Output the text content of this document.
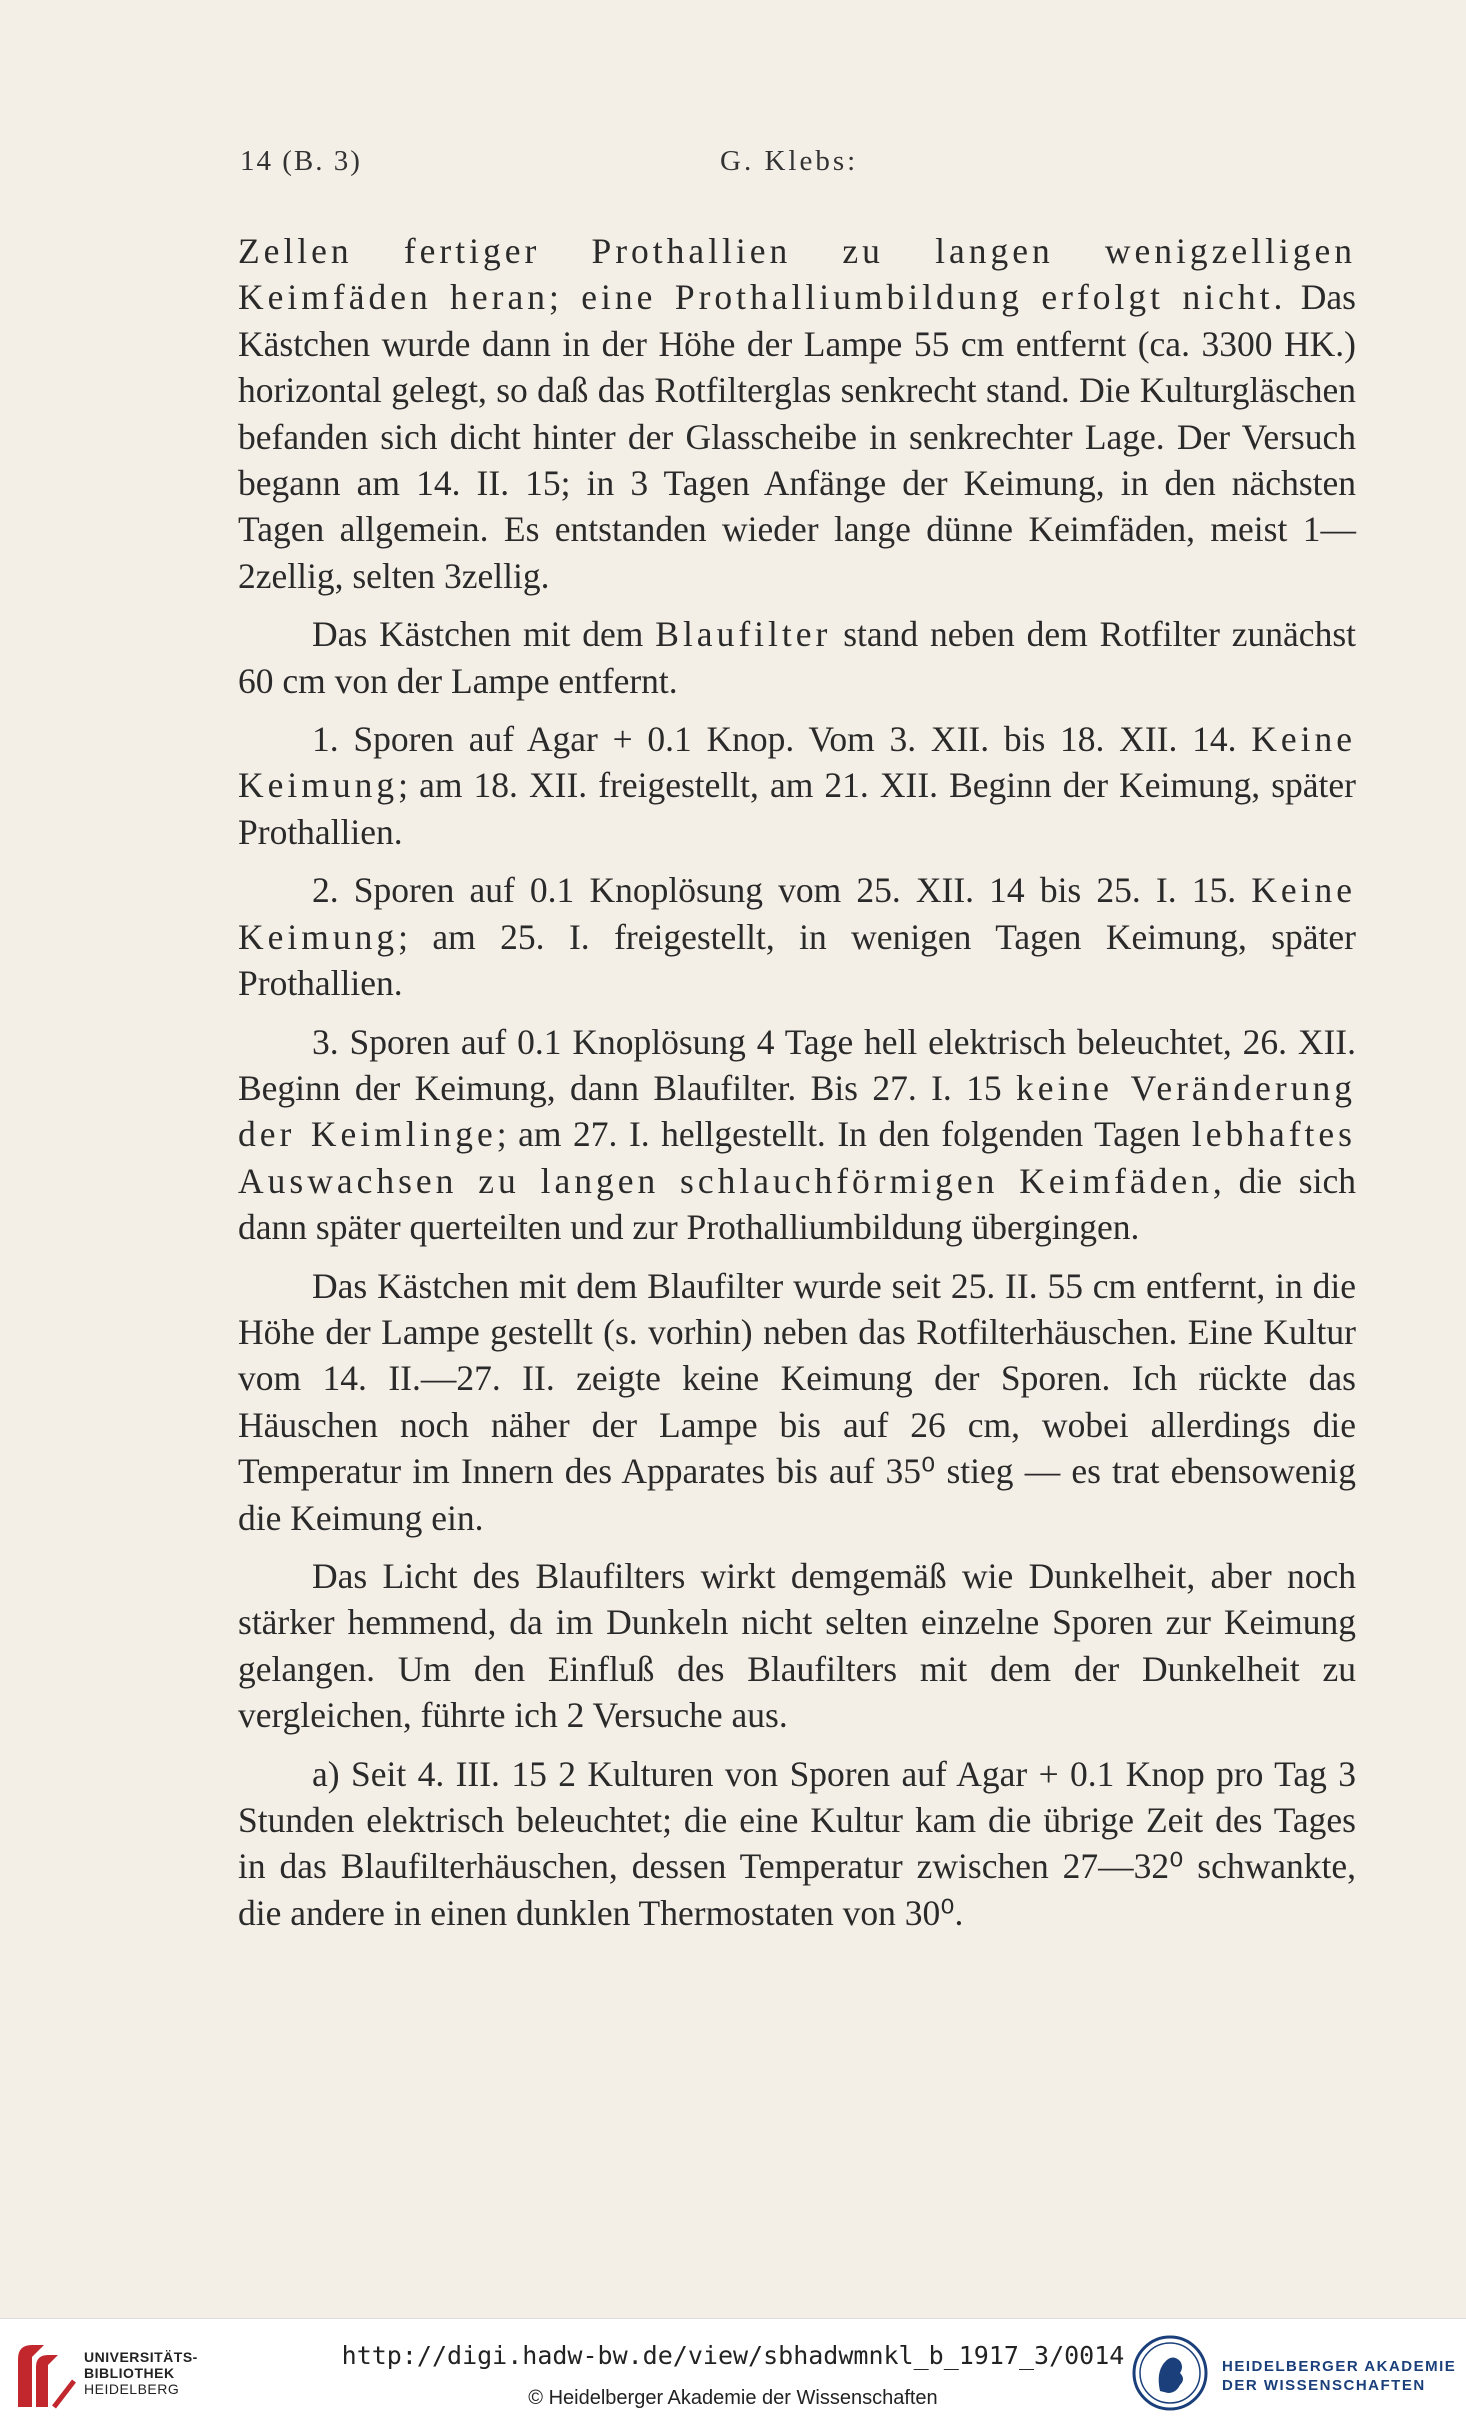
14 (B. 3)	G. Klebs:

Zellen fertiger Prothallien zu langen wenigzelligen Keimfäden heran; eine Prothalliumbildung erfolgt nicht. Das Kästchen wurde dann in der Höhe der Lampe 55 cm entfernt (ca. 3300 HK.) horizontal gelegt, so daß das Rotfilterglas senkrecht stand. Die Kulturgläschen befanden sich dicht hinter der Glasscheibe in senkrechter Lage. Der Versuch begann am 14. II. 15; in 3 Tagen Anfänge der Keimung, in den nächsten Tagen allgemein. Es entstanden wieder lange dünne Keimfäden, meist 1—2zellig, selten 3zellig.

Das Kästchen mit dem Blaufilter stand neben dem Rotfilter zunächst 60 cm von der Lampe entfernt.

1. Sporen auf Agar + 0.1 Knop. Vom 3. XII. bis 18. XII. 14. Keine Keimung; am 18. XII. freigestellt, am 21. XII. Beginn der Keimung, später Prothallien.

2. Sporen auf 0.1 Knoplösung vom 25. XII. 14 bis 25. I. 15. Keine Keimung; am 25. I. freigestellt, in wenigen Tagen Keimung, später Prothallien.

3. Sporen auf 0.1 Knoplösung 4 Tage hell elektrisch beleuchtet, 26. XII. Beginn der Keimung, dann Blaufilter. Bis 27. I. 15 keine Veränderung der Keimlinge; am 27. I. hellgestellt. In den folgenden Tagen lebhaftes Auswachsen zu langen schlauchförmigen Keimfäden, die sich dann später querteilten und zur Prothalliumbildung übergingen.

Das Kästchen mit dem Blaufilter wurde seit 25. II. 55 cm entfernt, in die Höhe der Lampe gestellt (s. vorhin) neben das Rotfilterhäuschen. Eine Kultur vom 14. II.—27. II. zeigte keine Keimung der Sporen. Ich rückte das Häuschen noch näher der Lampe bis auf 26 cm, wobei allerdings die Temperatur im Innern des Apparates bis auf 35⁰ stieg — es trat ebensowenig die Keimung ein.

Das Licht des Blaufilters wirkt demgemäß wie Dunkelheit, aber noch stärker hemmend, da im Dunkeln nicht selten einzelne Sporen zur Keimung gelangen. Um den Einfluß des Blaufilters mit dem der Dunkelheit zu vergleichen, führte ich 2 Versuche aus.

a) Seit 4. III. 15 2 Kulturen von Sporen auf Agar + 0.1 Knop pro Tag 3 Stunden elektrisch beleuchtet; die eine Kultur kam die übrige Zeit des Tages in das Blaufilterhäuschen, dessen Temperatur zwischen 27—32⁰ schwankte, die andere in einen dunklen Thermostaten von 30⁰.

UNIVERSITÄTS-
BIBLIOTHEK
HEIDELBERG
http://digi.hadw-bw.de/view/sbhadwmnkl_b_1917_3/0014
© Heidelberger Akademie der Wissenschaften
HEIDELBERGER AKADEMIE
DER WISSENSCHAFTEN
